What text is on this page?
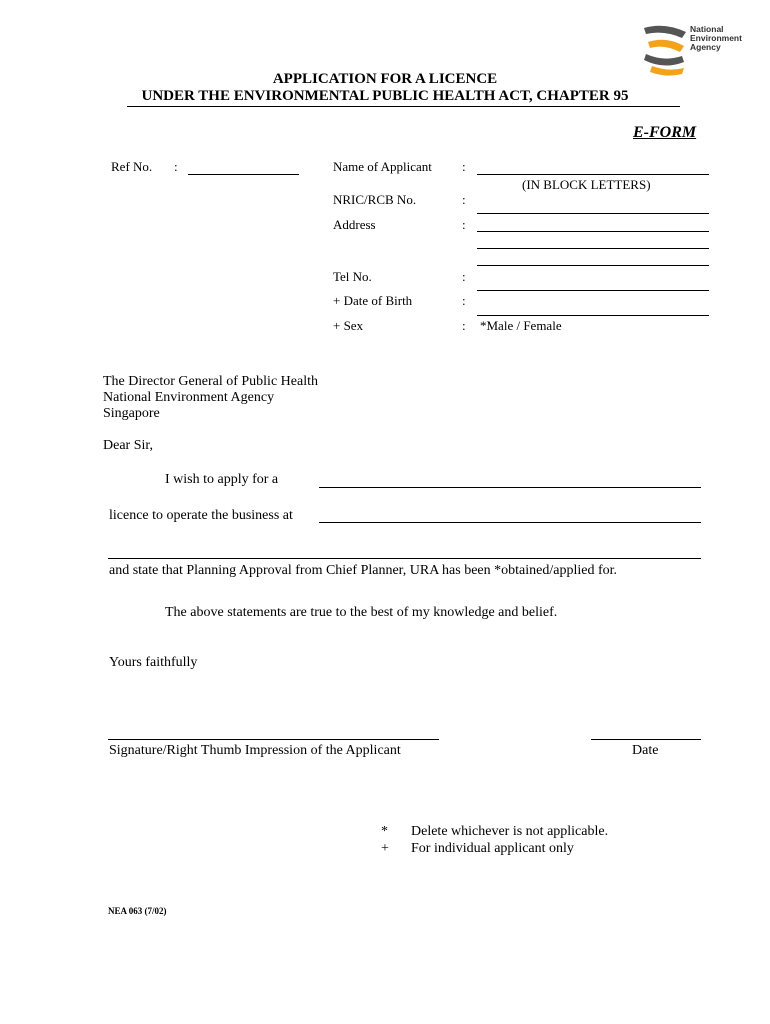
National
Environment
Agency
APPLICATION FOR A LICENCE
UNDER THE ENVIRONMENTAL PUBLIC HEALTH ACT, CHAPTER 95
E-FORM
Ref No. :	Name of Applicant :
(IN BLOCK LETTERS)
NRIC/RCB No.	:
Address	:
Tel No.	:
+ Date of Birth	:
+ Sex	: *Male / Female
The Director General of Public Health
National Environment Agency
Singapore
Dear Sir,
I wish to apply for a
licence to operate the business at
and state that Planning Approval from Chief Planner, URA has been *obtained/applied for.
The above statements are true to the best of my knowledge and belief.
Yours faithfully
Signature/Right Thumb Impression of the Applicant	Date
* Delete whichever is not applicable.
+ For individual applicant only
NEA 063 (7/02)
